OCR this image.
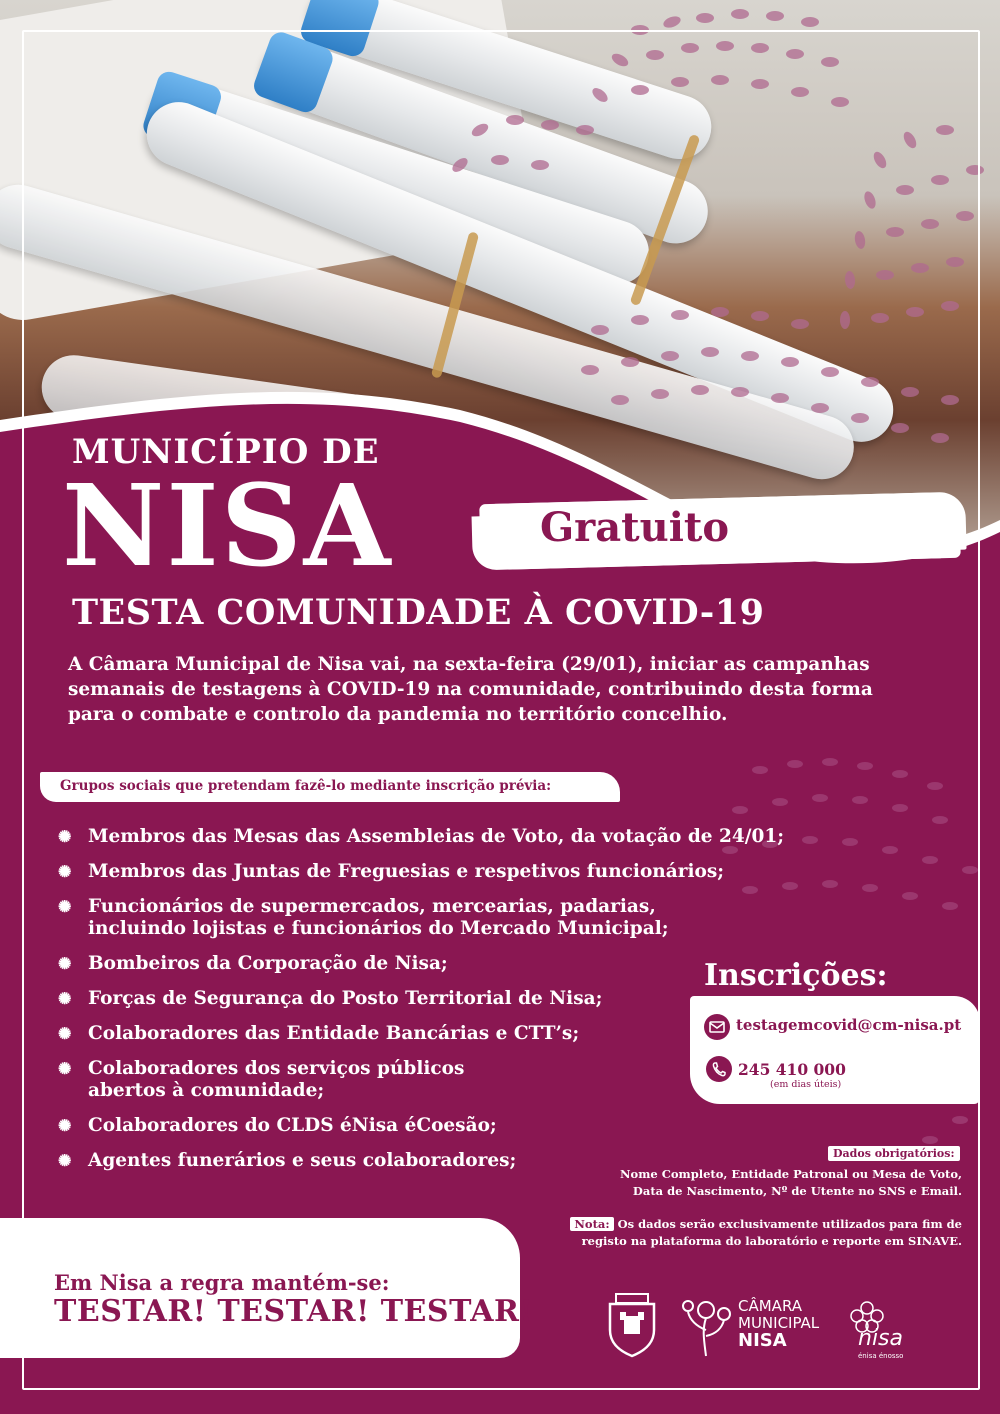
MUNICÍPIO DE
NISA
TESTA COMUNIDADE À COVID-19
Gratuito
A Câmara Municipal de Nisa vai, na sexta-feira (29/01), iniciar as campanhas
semanais de testagens à COVID-19 na comunidade, contribuindo desta forma
para o combate e controlo da pandemia no território concelhio.
Grupos sociais que pretendam fazê-lo mediante inscrição prévia:
✺ Membros das Mesas das Assembleias de Voto, da votação de 24/01;
✺ Membros das Juntas de Freguesias e respetivos funcionários;
✺ Funcionários de supermercados, mercearias, padarias,
incluindo lojistas e funcionários do Mercado Municipal;
✺ Bombeiros da Corporação de Nisa;
✺ Forças de Segurança do Posto Territorial de Nisa;
✺ Colaboradores das Entidade Bancárias e CTT’s;
✺ Colaboradores dos serviços públicos
abertos à comunidade;
✺ Colaboradores do CLDS éNisa éCoesão;
✺ Agentes funerários e seus colaboradores;
Inscrições:
testagemcovid@cm-nisa.pt
245 410 000
(em dias úteis)
Dados obrigatórios:
Nome Completo, Entidade Patronal ou Mesa de Voto,
Data de Nascimento, Nº de Utente no SNS e Email.
Nota: Os dados serão exclusivamente utilizados para fim de
registo na plataforma do laboratório e reporte em SINAVE.
Em Nisa a regra mantém-se:
TESTAR! TESTAR! TESTAR!	CÂMARA
MUNICIPAL
NISA	nisa
énisa énosso
